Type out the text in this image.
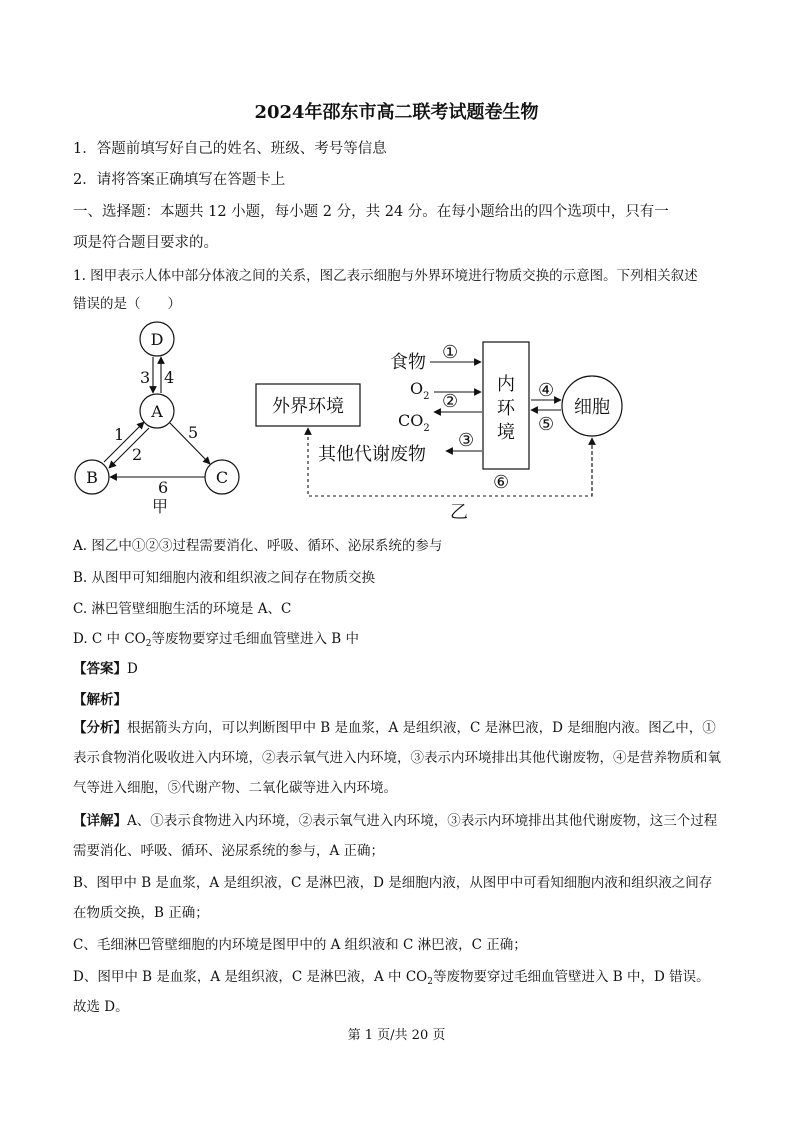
2024年邵东市高二联考试题卷生物
1．答题前填写好自己的姓名、班级、考号等信息
2．请将答案正确填写在答题卡上
一、选择题：本题共 12 小题，每小题 2 分，共 24 分。在每小题给出的四个选项中，只有一
项是符合题目要求的。
1. 图甲表示人体中部分体液之间的关系，图乙表示细胞与外界环境进行物质交换的示意图。下列相关叙述
错误的是（　　）
D
A
B	C
3 4
1
2
5
6
甲
外界环境
内
环
境
细胞
食物 ①
$O_2$ ②
$CO_2$
③
其他代谢废物
④
⑤
⑥
乙
A. 图乙中①②③过程需要消化、呼吸、循环、泌尿系统的参与
B. 从图甲可知细胞内液和组织液之间存在物质交换
C. 淋巴管壁细胞生活的环境是 A、C
D. C 中 $CO_2$等废物要穿过毛细血管壁进入 B 中
【答案】D
【解析】
【分析】根据箭头方向，可以判断图甲中 B 是血浆，A 是组织液，C 是淋巴液，D 是细胞内液。图乙中，①表示食物消化吸收进入内环境，②表示氧气进入内环境，③表示内环境排出其他代谢废物，④是营养物质和氧气等进入细胞，⑤代谢产物、二氧化碳等进入内环境。
【详解】A、①表示食物进入内环境，②表示氧气进入内环境，③表示内环境排出其他代谢废物，这三个过程需要消化、呼吸、循环、泌尿系统的参与，A 正确；
B、图甲中 B 是血浆，A 是组织液，C 是淋巴液，D 是细胞内液，从图甲中可看知细胞内液和组织液之间存在物质交换，B 正确；
C、毛细淋巴管壁细胞的内环境是图甲中的 A 组织液和 C 淋巴液，C 正确；
D、图甲中 B 是血浆，A 是组织液，C 是淋巴液，A 中 $CO_2$等废物要穿过毛细血管壁进入 B 中，D 错误。
故选 D。
第 1 页/共 20 页
